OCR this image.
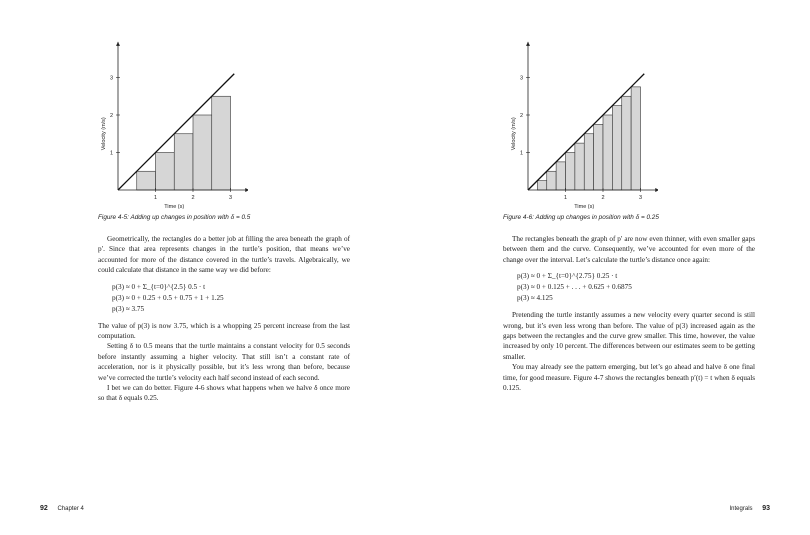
1	2	3
1
2
3
Time (s)
Velocity (m/s)
Figure 4-5: Adding up changes in position with δ = 0.5

Geometrically, the rectangles do a better job at filling the area beneath the graph of p′. Since that area represents changes in the turtle’s position, that means we’ve accounted for more of the distance covered in the turtle’s travels. Algebraically, we could calculate that distance in the same way we did before:

p(3) ≈ 0 + Σ_{t=0}^{2.5} 0.5 · t
p(3) ≈ 0 + 0.25 + 0.5 + 0.75 + 1 + 1.25
p(3) ≈ 3.75

The value of p(3) is now 3.75, which is a whopping 25 percent increase from the last computation.

Setting δ to 0.5 means that the turtle maintains a constant velocity for 0.5 seconds before instantly assuming a higher velocity. That still isn’t a constant rate of acceleration, nor is it physically possible, but it’s less wrong than before, because we’ve corrected the turtle’s velocity each half second instead of each second.

I bet we can do better. Figure 4-6 shows what happens when we halve δ once more so that δ equals 0.25.

92 Chapter 4
1	2	3
1
2
3
Time (s)
Velocity (m/s)
Figure 4-6: Adding up changes in position with δ = 0.25

The rectangles beneath the graph of p′ are now even thinner, with even smaller gaps between them and the curve. Consequently, we’ve accounted for even more of the change over the interval. Let’s calculate the turtle’s distance once again:

p(3) ≈ 0 + Σ_{t=0}^{2.75} 0.25 · t
p(3) ≈ 0 + 0.125 + . . . + 0.625 + 0.6875
p(3) ≈ 4.125

Pretending the turtle instantly assumes a new velocity every quarter second is still wrong, but it’s even less wrong than before. The value of p(3) increased again as the gaps between the rectangles and the curve grew smaller. This time, however, the value increased by only 10 percent. The differences between our estimates seem to be getting smaller.

You may already see the pattern emerging, but let’s go ahead and halve δ one final time, for good measure. Figure 4-7 shows the rectangles beneath p′(t) = t when δ equals 0.125.

Integrals 93
